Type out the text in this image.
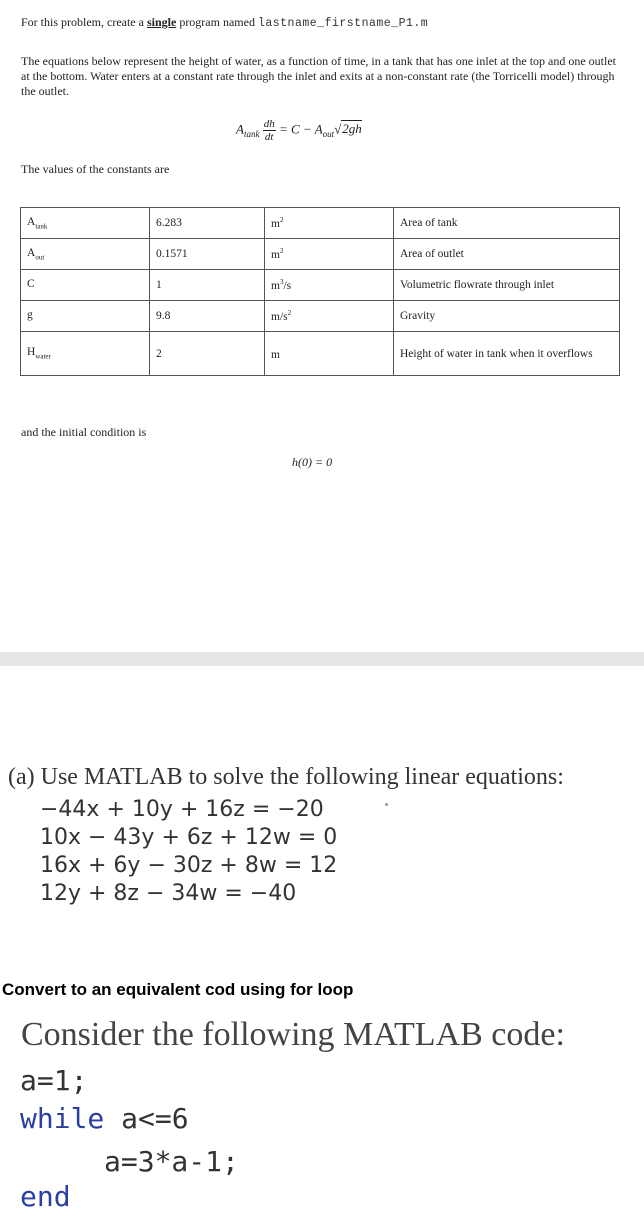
For this problem, create a single program named lastname_firstname_P1.m
The equations below represent the height of water, as a function of time, in a tank that has one inlet at the top and one outlet at the bottom. Water enters at a constant rate through the inlet and exits at a non-constant rate (the Torricelli model) through the outlet.
$A_{tank} \frac{dh}{dt} = C - A_{out}√2gh$
The values of the constants are
$A_{tank}$	6.283	$m^2$	Area of tank
$A_{out}$	0.1571	$m^2$	Area of outlet
C	1	$m^3/s$	Volumetric flowrate through inlet
g	9.8	$m/s^2$	Gravity
$H_{water}$	2	m	Height of water in tank when it overflows
and the initial condition is
h(0) = 0
(a) Use MATLAB to solve the following linear equations:
−44x + 10y + 16z = −20
10x − 43y + 6z + 12w = 0
16x + 6y − 30z + 8w = 12
12y + 8z − 34w = −40
Convert to an equivalent cod using for loop
Consider the following MATLAB code:
a=1;
while a<=6
a=3*a-1;
end
